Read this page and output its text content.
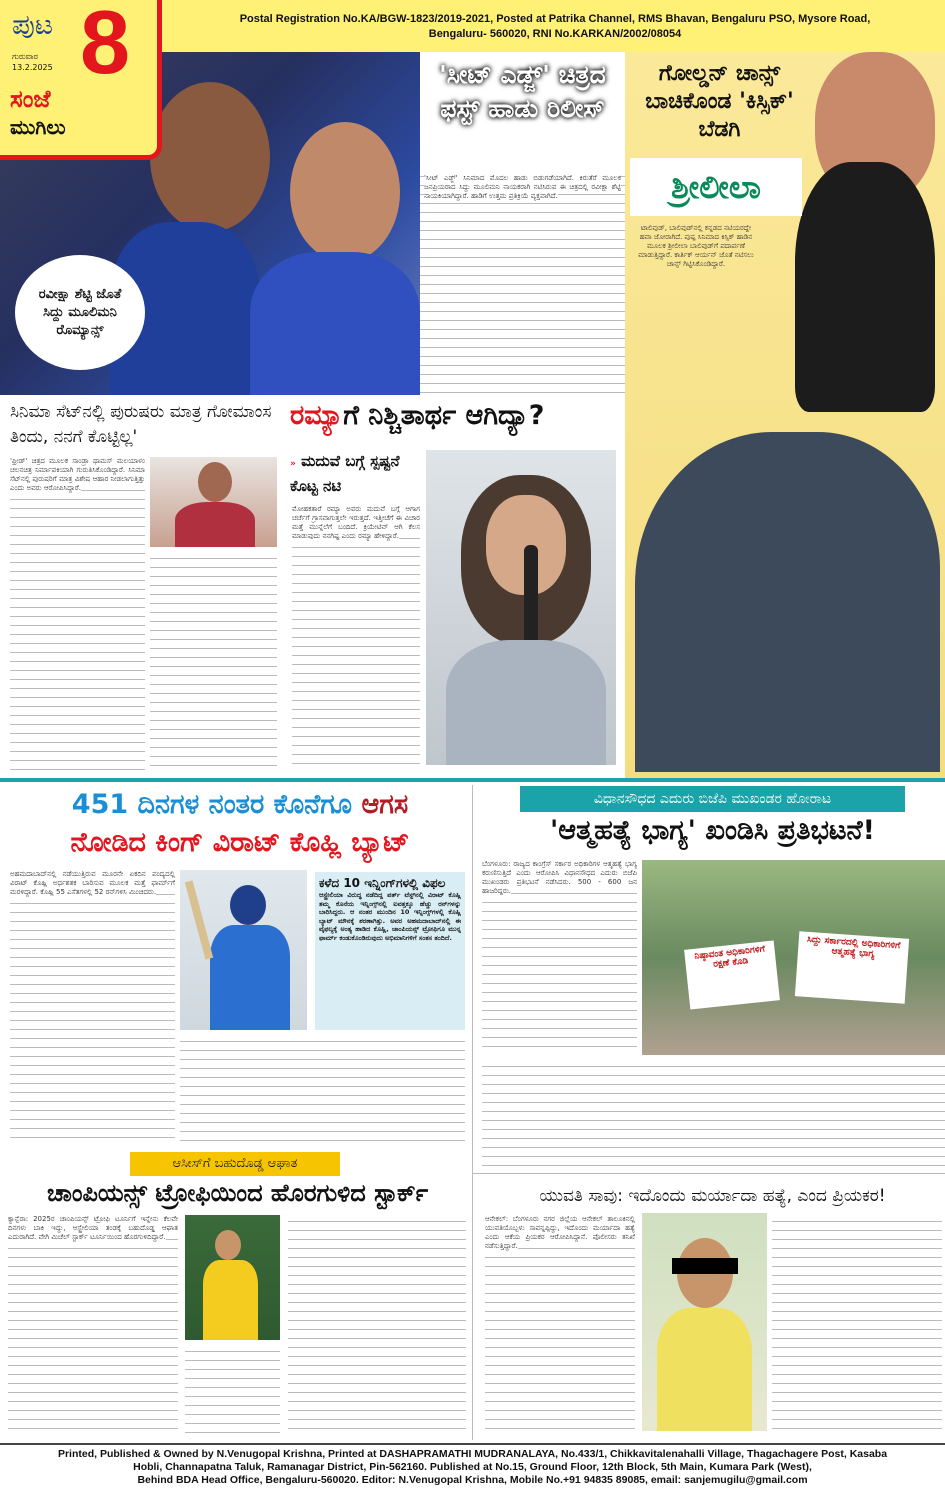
Postal Registration No.KA/BGW-1823/2019-2021, Posted at Patrika Channel, RMS Bhavan, Bengaluru PSO, Mysore Road,
Bengaluru- 560020, RNI No.KARKAN/2002/08054
ಪುಟ 8
ಗುರುವಾರ
13.2.2025
ಸಂಜೆ
ಮುಗಿಲು
ರವೀಕ್ಷಾ ಶೆಟ್ಟಿ ಜೊತೆ ಸಿದ್ದು ಮೂಲಿಮನಿ ರೊಮ್ಯಾನ್ಸ್
'ಸೀಟ್ ಎಡ್ಜ್' ಚಿತ್ರದ ಫಸ್ಟ್ ಹಾಡು ರಿಲೀಸ್
'ಸೀಟ್ ಎಡ್ಜ್' ಸಿನಿಮಾದ ಮೊದಲ ಹಾಡು ಬಿಡುಗಡೆಯಾಗಿದೆ. ಕಿರುತೆರೆ ಮೂಲಕ ಜನಪ್ರಿಯರಾದ ಸಿದ್ದು ಮೂಲಿಮನಿ ನಾಯಕರಾಗಿ ನಟಿಸಿರುವ ಈ ಚಿತ್ರದಲ್ಲಿ ರವೀಕ್ಷಾ ಶೆಟ್ಟಿ ನಾಯಕಿಯಾಗಿದ್ದಾರೆ. ಹಾಡಿಗೆ ಉತ್ತಮ ಪ್ರತಿಕ್ರಿಯೆ ವ್ಯಕ್ತವಾಗಿದೆ.
ಗೋಲ್ಡನ್ ಚಾನ್ಸ್ ಬಾಚಿಕೊಂಡ 'ಕಿಸ್ಸಿಕ್' ಬೆಡಗಿ
ಶ್ರೀಲೀಲಾ
ಟಾಲಿವುಡ್, ಬಾಲಿವುಡ್‌ನಲ್ಲಿ ಕನ್ನಡದ ನಟಿಯರದ್ದೇ ಹವಾ ಜೋರಾಗಿದೆ. ಪುಷ್ಪ ಸಿನಿಮಾದ ಕಿಸ್ಸಿಕ್ ಹಾಡಿನ ಮೂಲಕ ಶ್ರೀಲೀಲಾ ಬಾಲಿವುಡ್‌ಗೆ ಪದಾರ್ಪಣೆ ಮಾಡುತ್ತಿದ್ದಾರೆ. ಕಾರ್ತಿಕ್ ಆರ್ಯನ್ ಜೊತೆ ನಟಿಸಲು ಚಾನ್ಸ್ ಗಿಟ್ಟಿಸಿಕೊಂಡಿದ್ದಾರೆ.
ಸಿನಿಮಾ ಸೆಟ್‌ನಲ್ಲಿ ಪುರುಷರು ಮಾತ್ರ ಗೋಮಾಂಸ ತಿಂದು, ನನಗೆ ಕೊಟ್ಟಿಲ್ಲ'
'ಫ್ರೀಡ್' ಚಿತ್ರದ ಮೂಲಕ ಸಾಂಡ್ರಾ ಥಾಮಸ್ ಮಲಯಾಳಂ ಚಲನಚಿತ್ರ ನಿರ್ಮಾಪಕಿಯಾಗಿ ಗುರುತಿಸಿಕೊಂಡಿದ್ದಾರೆ. ಸಿನಿಮಾ ಸೆಟ್‌ನಲ್ಲಿ ಪುರುಷರಿಗೆ ಮಾತ್ರ ವಿಶೇಷ ಆಹಾರ ನೀಡಲಾಗುತ್ತಿತ್ತು ಎಂದು ಅವರು ಆರೋಪಿಸಿದ್ದಾರೆ.
ರಮ್ಯಾಗೆ ನಿಶ್ಚಿತಾರ್ಥ ಆಗಿದ್ಯಾ?
» ಮದುವೆ ಬಗ್ಗೆ ಸ್ಪಷ್ಟನೆ ಕೊಟ್ಟ ನಟಿ
ಮೋಹಕತಾರೆ ರಮ್ಯಾ ಅವರು ಮದುವೆ ಬಗ್ಗೆ ಆಗಾಗ ಚರ್ಚೆಗೆ ಗ್ರಾಸವಾಗುತ್ತಲೇ ಇರುತ್ತದೆ. ಇತ್ತೀಚೆಗೆ ಈ ವಿಚಾರ ಮತ್ತೆ ಮುನ್ನೆಲೆಗೆ ಬಂದಿದೆ. ಕ್ರಿಯೇಟಿವ್ ಆಗಿ ಕೆಲಸ ಮಾಡುವುದು ನನಗಿಷ್ಟ ಎಂದು ರಮ್ಯಾ ಹೇಳಿದ್ದಾರೆ.
451 ದಿನಗಳ ನಂತರ ಕೊನೆಗೂ ಆಗಸ
ನೋಡಿದ ಕಿಂಗ್ ವಿರಾಟ್ ಕೊಹ್ಲಿ ಬ್ಯಾಟ್
ಅಹಮದಾಬಾದ್‌ನಲ್ಲಿ ನಡೆಯುತ್ತಿರುವ ಮೂರನೇ ಏಕದಿನ ಪಂದ್ಯದಲ್ಲಿ ವಿರಾಟ್ ಕೊಹ್ಲಿ ಅರ್ಧಶತಕ ಬಾರಿಸುವ ಮೂಲಕ ಮತ್ತೆ ಫಾರ್ಮ್‌ಗೆ ಮರಳಿದ್ದಾರೆ. ಕೊಹ್ಲಿ 55 ಎಸೆತಗಳಲ್ಲಿ 52 ರನ್‌ಗಳಿಸಿ ಮಿಂಚಿದರು.
ಕಳೆದ 10 ಇನ್ನಿಂಗ್‌ಗಳಲ್ಲಿ ವಿಫಲ
ಆಸ್ಟ್ರೇಲಿಯಾ ವಿರುದ್ಧ ನಡೆದಿದ್ದ ಪರ್ತ್ ಟೆಸ್ಟ್‌ನಲ್ಲಿ ವಿರಾಟ್ ಕೊಹ್ಲಿ ತಮ್ಮ ಕೊನೆಯ ಇನ್ನಿಂಗ್ಸ್‌ನಲ್ಲಿ ಐವತ್ತಕ್ಕೂ ಹೆಚ್ಚು ರನ್‌ಗಳನ್ನು ಬಾರಿಸಿದ್ದರು. ಆ ನಂತರ ಮುಂದಿನ 10 ಇನ್ನಿಂಗ್ಸ್‌ಗಳಲ್ಲಿ ಕೊಹ್ಲಿ ಬ್ಯಾಟ್ ಮೌನಕ್ಕೆ ಶರಣಾಗಿತ್ತು. ಅವರ ಅಹಮದಾಬಾದ್‌ನಲ್ಲಿ ಈ ವೈಫಲ್ಯಕ್ಕೆ ಅಂತ್ಯ ಹಾಡಿದ ಕೊಹ್ಲಿ, ಚಾಂಪಿಯನ್ಸ್ ಟ್ರೋಫಿಗೂ ಮುನ್ನ ಫಾರ್ಮ್ ಕಂಡುಕೊಂಡಿರುವುದು ಅಭಿಮಾನಿಗಳಿಗೆ ಸಂತಸ ತಂದಿದೆ.
ವಿಧಾನಸೌಧದ ಎದುರು ಬಿಜೆಪಿ ಮುಖಂಡರ ಹೋರಾಟ
'ಆತ್ಮಹತ್ಯೆ ಭಾಗ್ಯ' ಖಂಡಿಸಿ ಪ್ರತಿಭಟನೆ!
ಬೆಂಗಳೂರು: ರಾಜ್ಯದ ಕಾಂಗ್ರೆಸ್ ಸರ್ಕಾರ ಅಧಿಕಾರಿಗಳ ಆತ್ಮಹತ್ಯೆ ಭಾಗ್ಯ ಕರುಣಿಸುತ್ತಿದೆ ಎಂದು ಆರೋಪಿಸಿ ವಿಧಾನಸೌಧದ ಎದುರು ಬಿಜೆಪಿ ಮುಖಂಡರು ಪ್ರತಿಭಟನೆ ನಡೆಸಿದರು. 500 - 600 ಜನ ಹಾಜರಿದ್ದರು.
ನಿಷ್ಠಾವಂತ ಅಧಿಕಾರಿಗಳಿಗೆ ರಕ್ಷಣೆ ಕೊಡಿ
ಸಿದ್ದು ಸರ್ಕಾರದಲ್ಲಿ ಅಧಿಕಾರಿಗಳಿಗೆ ಆತ್ಮಹತ್ಯೆ ಭಾಗ್ಯ
ಆಸೀಸ್‌ಗೆ ಬಹುದೊಡ್ಡ ಆಘಾತ
ಚಾಂಪಿಯನ್ಸ್ ಟ್ರೋಫಿಯಿಂದ ಹೊರಗುಳಿದ ಸ್ಟಾರ್ಕ್
ಕ್ಯಾನ್ಬೆರಾ: 2025ರ ಚಾಂಪಿಯನ್ಸ್ ಟ್ರೋಫಿ ಟೂರ್ನಿಗೆ ಇನ್ನೇನು ಕೆಲವೇ ದಿನಗಳು ಬಾಕಿ ಇದ್ದು, ಆಸ್ಟ್ರೇಲಿಯಾ ತಂಡಕ್ಕೆ ಬಹುದೊಡ್ಡ ಆಘಾತ ಎದುರಾಗಿದೆ. ವೇಗಿ ಮಿಚೆಲ್ ಸ್ಟಾರ್ಕ್ ಟೂರ್ನಿಯಿಂದ ಹೊರಗುಳಿದಿದ್ದಾರೆ.
ಯುವತಿ ಸಾವು: ಇದೊಂದು ಮರ್ಯಾದಾ ಹತ್ಯೆ, ಎಂದ ಪ್ರಿಯಕರ!
ಆನೇಕಲ್: ಬೆಂಗಳೂರು ನಗರ ಜಿಲ್ಲೆಯ ಆನೇಕಲ್ ತಾಲೂಕಿನಲ್ಲಿ ಯುವತಿಯೊಬ್ಬಳು ಸಾವನ್ನಪ್ಪಿದ್ದು, ಇದೊಂದು ಮರ್ಯಾದಾ ಹತ್ಯೆ ಎಂದು ಆಕೆಯ ಪ್ರಿಯಕರ ಆರೋಪಿಸಿದ್ದಾನೆ. ಪೊಲೀಸರು ತನಿಖೆ ನಡೆಸುತ್ತಿದ್ದಾರೆ.
Printed, Published & Owned by N.Venugopal Krishna, Printed at DASHAPRAMATHI MUDRANALAYA, No.433/1, Chikkavitalenahalli Village, Thagachagere Post, Kasaba
Hobli, Channapatna Taluk, Ramanagar District, Pin-562160. Published at No.15, Ground Floor, 12th Block, 5th Main, Kumara Park (West),
Behind BDA Head Office, Bengaluru-560020. Editor: N.Venugopal Krishna, Mobile No.+91 94835 89085, email: sanjemugilu@gmail.com
